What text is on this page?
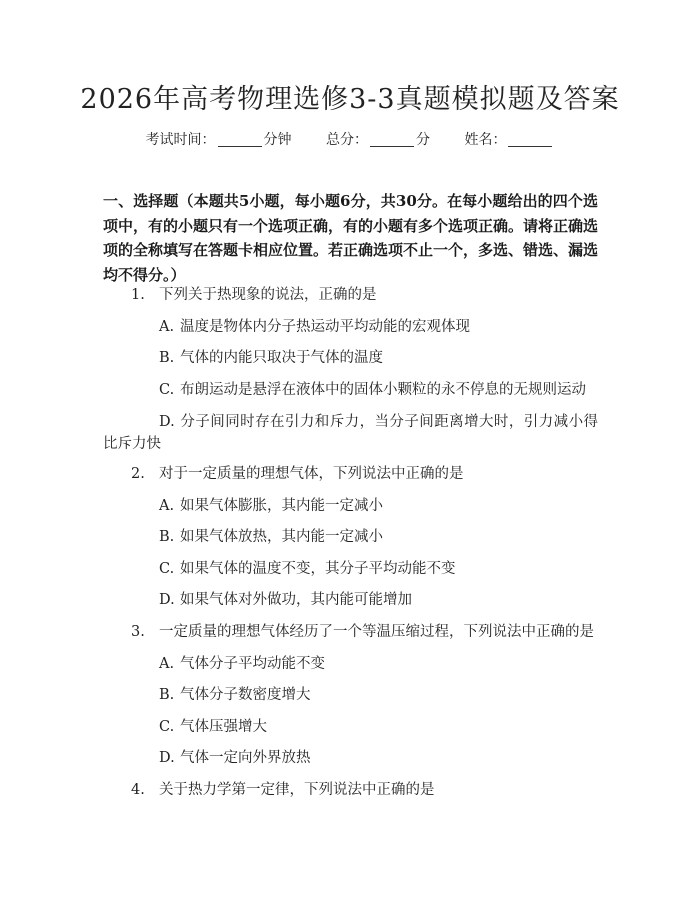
2026年高考物理选修3-3真题模拟题及答案
考试时间：	分钟 总分：	分 姓名：
一、选择题（本题共5小题，每小题6分，共30分。在每小题给出的四个选项中，有的小题只有一个选项正确，有的小题有多个选项正确。请将正确选项的全称填写在答题卡相应位置。若正确选项不止一个，多选、错选、漏选均不得分。）
1. 下列关于热现象的说法，正确的是
A. 温度是物体内分子热运动平均动能的宏观体现
B. 气体的内能只取决于气体的温度
C. 布朗运动是悬浮在液体中的固体小颗粒的永不停息的无规则运动
D. 分子间同时存在引力和斥力，当分子间距离增大时，引力减小得比斥力快
2. 对于一定质量的理想气体，下列说法中正确的是
A. 如果气体膨胀，其内能一定减小
B. 如果气体放热，其内能一定减小
C. 如果气体的温度不变，其分子平均动能不变
D. 如果气体对外做功，其内能可能增加
3. 一定质量的理想气体经历了一个等温压缩过程，下列说法中正确的是
A. 气体分子平均动能不变
B. 气体分子数密度增大
C. 气体压强增大
D. 气体一定向外界放热
4. 关于热力学第一定律，下列说法中正确的是
